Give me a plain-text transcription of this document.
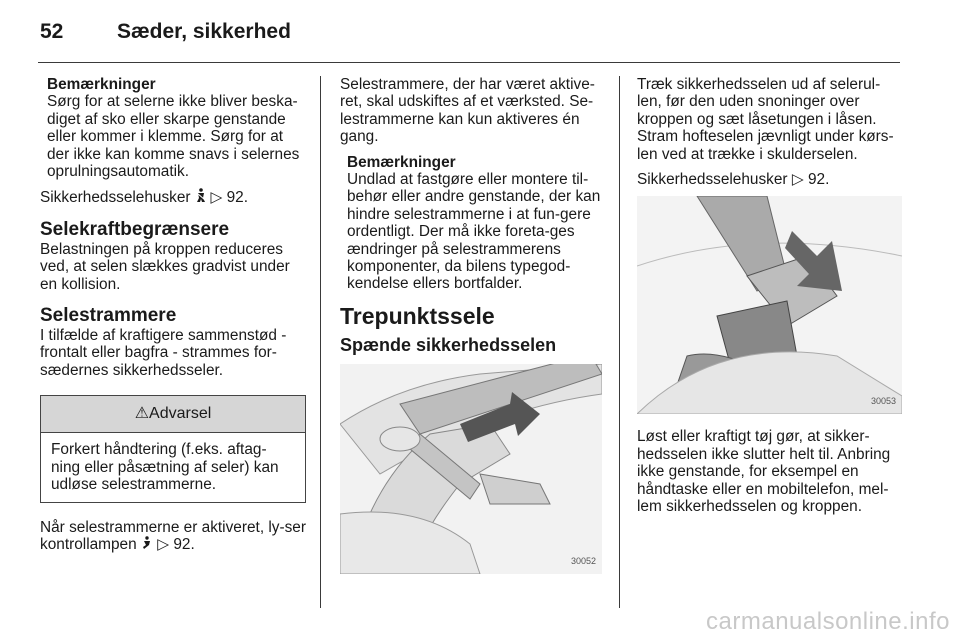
52	Sæder, sikkerhed
Bemærkninger
Sørg for at selerne ikke bliver beska-diget af sko eller skarpe genstande eller kommer i klemme. Sørg for at der ikke kan komme snavs i selernes oprulningsautomatik.

Sikkerhedsselehusker ▷ 92.

Selekraftbegrænsere

Belastningen på kroppen reduceres ved, at selen slækkes gradvist under en kollision.

Selestrammere

I tilfælde af kraftigere sammenstød - frontalt eller bagfra - strammes for-sædernes sikkerhedsseler.

⚠Advarsel
Forkert håndtering (f.eks. aftag-ning eller påsætning af seler) kan udløse selestrammerne.

Når selestrammerne er aktiveret, ly-ser kontrollampen ▷ 92.

Selestrammere, der har været aktive-ret, skal udskiftes af et værksted. Se-lestrammerne kan kun aktiveres én gang.

Bemærkninger
Undlad at fastgøre eller montere til-behør eller andre genstande, der kan hindre selestrammerne i at fun-gere ordentligt. Der må ikke foreta-ges ændringer på selestrammerens komponenter, da bilens typegod-kendelse ellers bortfalder.
Trepunktssele
Spænde sikkerhedsselen
30052

Træk sikkerhedsselen ud af selerul-len, før den uden snoninger over kroppen og sæt låsetungen i låsen. Stram hofteselen jævnligt under kørs-len ved at trække i skulderselen.

Sikkerhedsselehusker ▷ 92.

30053

Løst eller kraftigt tøj gør, at sikker-hedsselen ikke slutter helt til. Anbring ikke genstande, for eksempel en håndtaske eller en mobiltelefon, mel-lem sikkerhedsselen og kroppen.

carmanualsonline.info
